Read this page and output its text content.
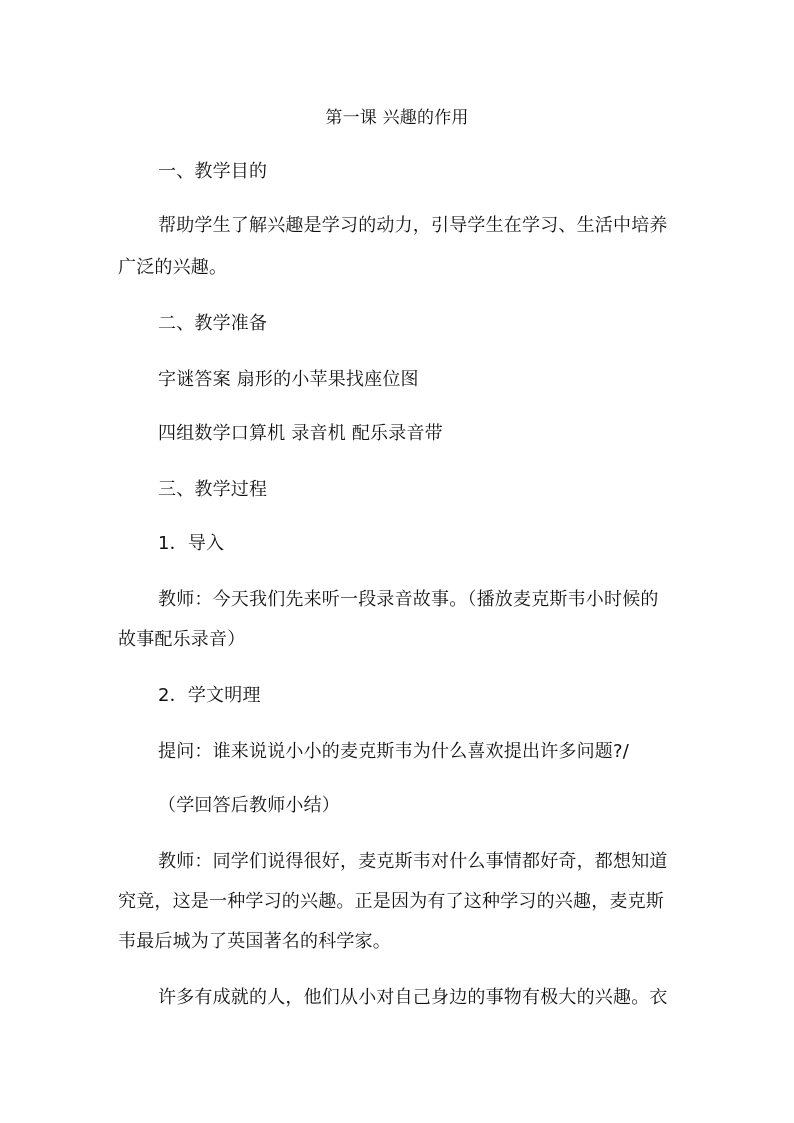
第一课 兴趣的作用
一、教学目的
帮助学生了解兴趣是学习的动力，引导学生在学习、生活中培养
广泛的兴趣。
二、教学准备
字谜答案 扇形的小苹果找座位图
四组数学口算机 录音机 配乐录音带
三、教学过程
1．导入
教师：今天我们先来听一段录音故事。（播放麦克斯韦小时候的
故事配乐录音）
2．学文明理
提问：谁来说说小小的麦克斯韦为什么喜欢提出许多问题?/
（学回答后教师小结）
教师：同学们说得很好，麦克斯韦对什么事情都好奇，都想知道
究竟，这是一种学习的兴趣。正是因为有了这种学习的兴趣，麦克斯
韦最后城为了英国著名的科学家。
许多有成就的人，他们从小对自己身边的事物有极大的兴趣。衣
